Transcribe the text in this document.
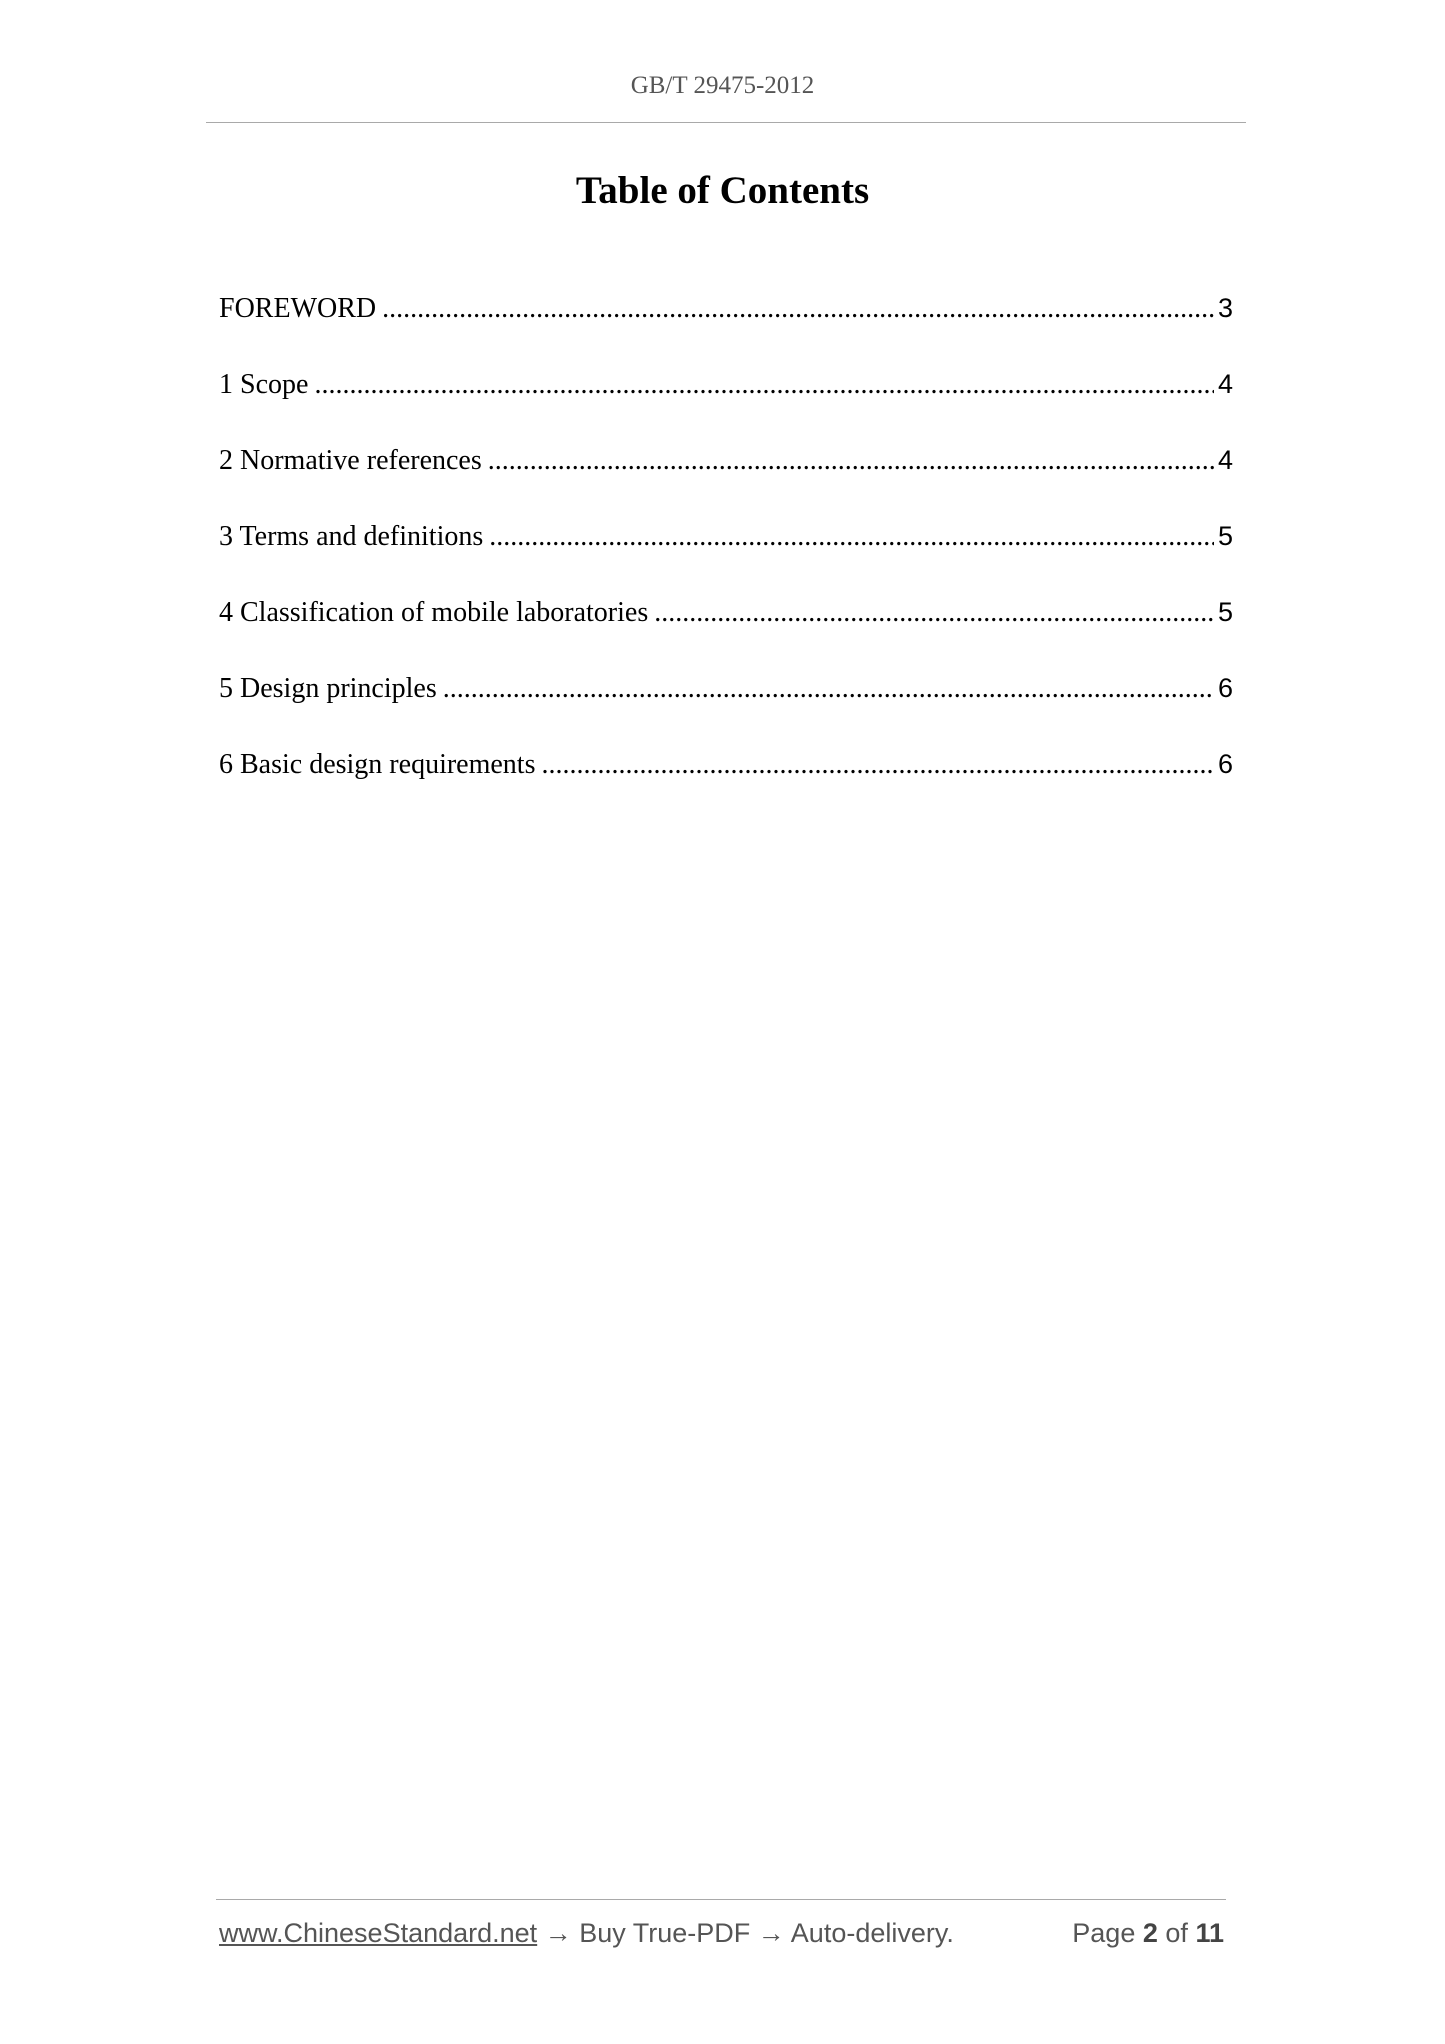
GB/T 29475-2012
Table of Contents
FOREWORD .....	3
1 Scope .....	4
2 Normative references .....	4
3 Terms and definitions .....	5
4 Classification of mobile laboratories .....	5
5 Design principles .....	6
6 Basic design requirements .....	6
www.ChineseStandard.net → Buy True-PDF → Auto-delivery.	Page 2 of 11
